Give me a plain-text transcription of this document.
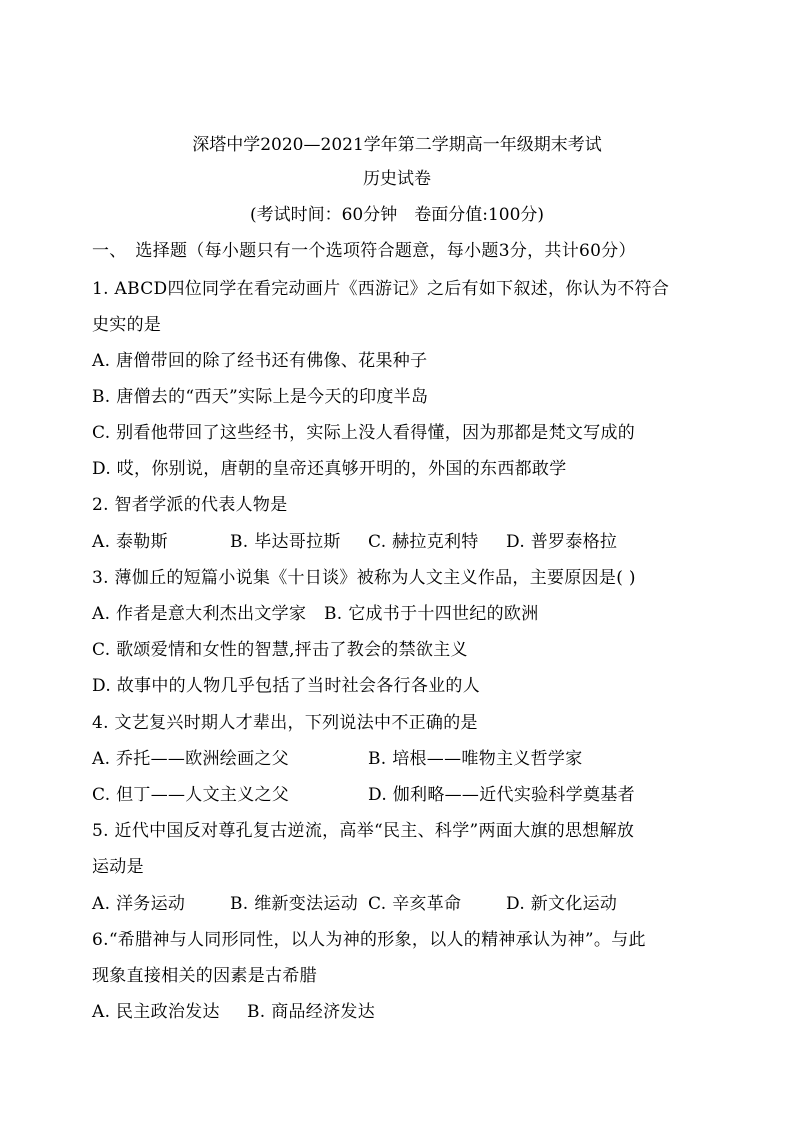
深塔中学2020—2021学年第二学期高一年级期末考试
历史试卷
(考试时间：60分钟　卷面分值:100分)
一、　选择题（每小题只有一个选项符合题意，每小题3分，共计60分）
1. ABCD四位同学在看完动画片《西游记》之后有如下叙述，你认为不符合
史实的是
A. 唐僧带回的除了经书还有佛像、花果种子
B. 唐僧去的“西天”实际上是今天的印度半岛
C. 别看他带回了这些经书，实际上没人看得懂，因为那都是梵文写成的
D. 哎，你别说，唐朝的皇帝还真够开明的，外国的东西都敢学
2. 智者学派的代表人物是
A. 泰勒斯	B. 毕达哥拉斯 C. 赫拉克利特 D. 普罗泰格拉
3. 薄伽丘的短篇小说集《十日谈》被称为人文主义作品，主要原因是( )
A. 作者是意大利杰出文学家 B. 它成书于十四世纪的欧洲
C. 歌颂爱情和女性的智慧,抨击了教会的禁欲主义
D. 故事中的人物几乎包括了当时社会各行各业的人
4. 文艺复兴时期人才辈出，下列说法中不正确的是
A. 乔托——欧洲绘画之父	B. 培根——唯物主义哲学家
C. 但丁——人文主义之父	D. 伽利略——近代实验科学奠基者
5. 近代中国反对尊孔复古逆流，高举“民主、科学”两面大旗的思想解放
运动是
A. 洋务运动	B. 维新变法运动 C. 辛亥革命	D. 新文化运动
6.“希腊神与人同形同性，以人为神的形象，以人的精神承认为神”。与此
现象直接相关的因素是古希腊
A. 民主政治发达 B. 商品经济发达
